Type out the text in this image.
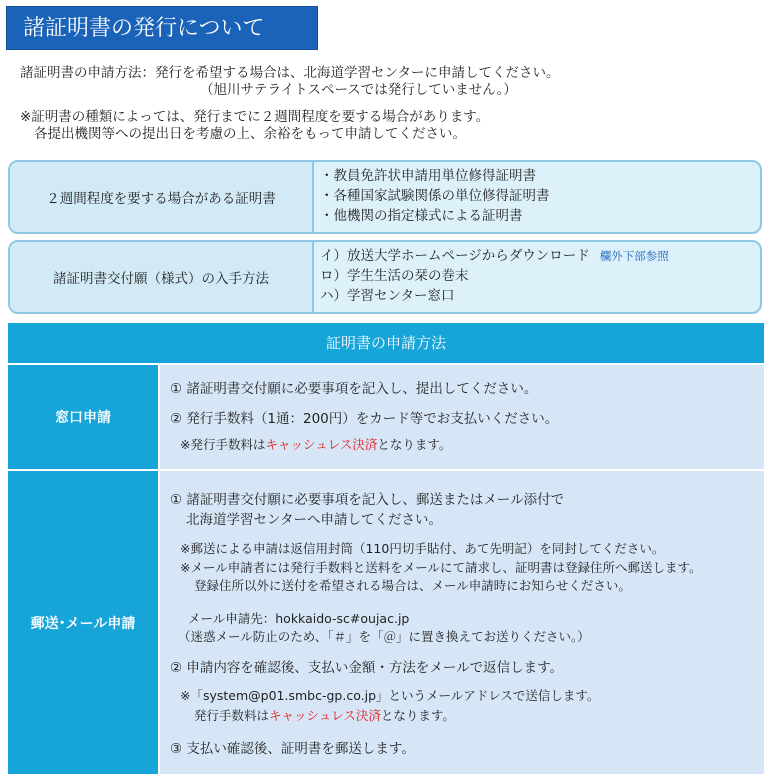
諸証明書の発行について
諸証明書の申請方法：発行を希望する場合は、北海道学習センターに申請してください。
（旭川サテライトスペースでは発行していません。）
※証明書の種類によっては、発行までに２週間程度を要する場合があります。
各提出機関等への提出日を考慮の上、余裕をもって申請してください。
２週間程度を要する場合がある証明書
・教員免許状申請用単位修得証明書
・各種国家試験関係の単位修得証明書
・他機関の指定様式による証明書
諸証明書交付願（様式）の入手方法
イ）放送大学ホームページからダウンロード 欄外下部参照
ロ）学生生活の栞の巻末
ハ）学習センター窓口
証明書の申請方法
窓口申請
① 諸証明書交付願に必要事項を記入し、提出してください。
② 発行手数料（1通：200円）をカード等でお支払いください。
※発行手数料はキャッシュレス決済となります。
郵送･メール申請
① 諸証明書交付願に必要事項を記入し、郵送またはメール添付で
北海道学習センターへ申請してください。
※郵送による申請は返信用封筒（110円切手貼付、あて先明記）を同封してください。
※メール申請者には発行手数料と送料をメールにて請求し、証明書は登録住所へ郵送します。
登録住所以外に送付を希望される場合は、メール申請時にお知らせください。
メール申請先：hokkaido-sc#oujac.jp
（迷惑メール防止のため、「＃」を「＠」に置き換えてお送りください。）
② 申請内容を確認後、支払い金額・方法をメールで返信します。
※「system@p01.smbc-gp.co.jp」というメールアドレスで送信します。
発行手数料はキャッシュレス決済となります。
③ 支払い確認後、証明書を郵送します。
